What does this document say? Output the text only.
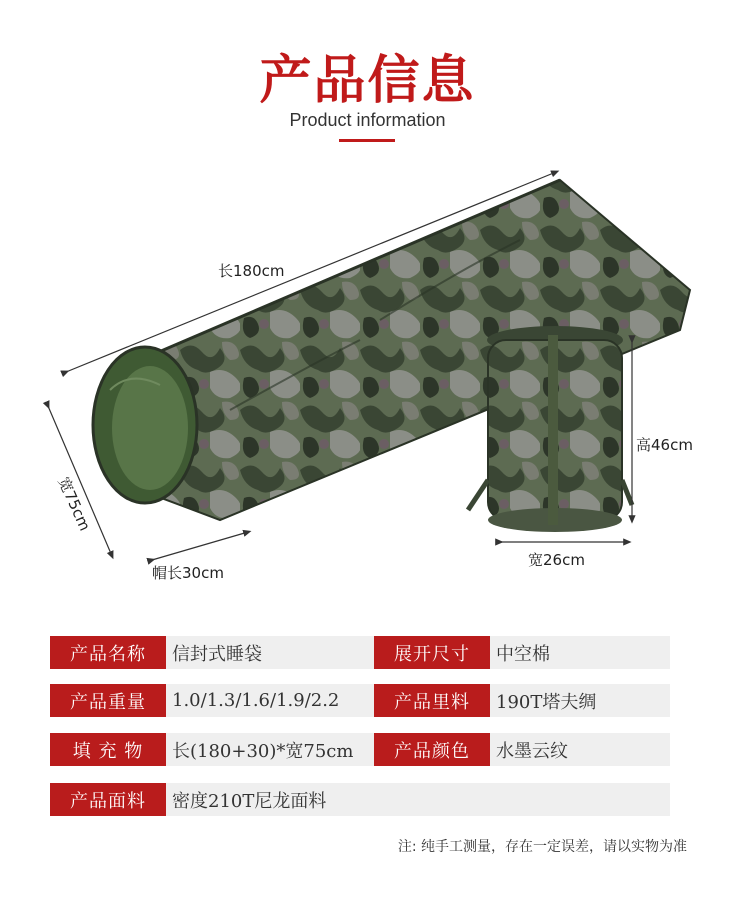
产品信息
Product information
长180cm
宽75cm
帽长30cm
高46cm
宽26cm
产品名称	信封式睡袋	展开尺寸	中空棉
产品重量	1.0/1.3/1.6/1.9/2.2	产品里料	190T塔夫绸
填 充 物	长(180+30)*宽75cm	产品颜色	水墨云纹
产品面料	密度210T尼龙面料
注: 纯手工测量，存在一定误差，请以实物为准
